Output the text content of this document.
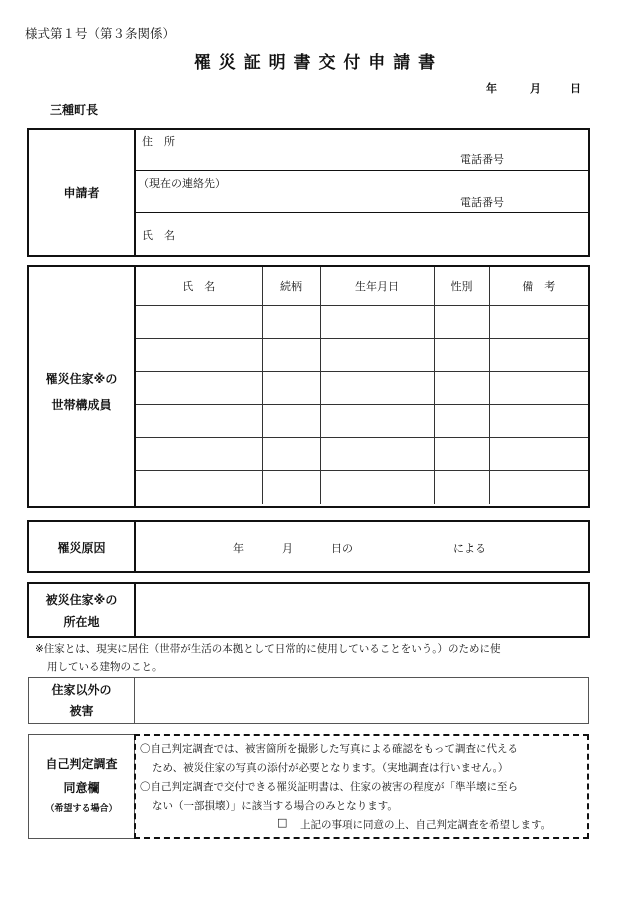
様式第１号（第３条関係）
罹 災 証 明 書 交 付 申 請 書
年	月	日
三種町長
申請者
住　所
電話番号
（現在の連絡先）
電話番号
氏　名
罹災住家※の
世帯構成員
氏　名	続柄	生年月日	性別	備　考

罹災原因	年	月	日の	による
被災住家※の
所在地
※住家とは、現実に居住（世帯が生活の本拠として日常的に使用していることをいう。）のために使
用している建物のこと。
住家以外の
被害
自己判定調査
同意欄
（希望する場合）
〇自己判定調査では、被害箇所を撮影した写真による確認をもって調査に代える
ため、被災住家の写真の添付が必要となります。（実地調査は行いません。）
〇自己判定調査で交付できる罹災証明書は、住家の被害の程度が「準半壊に至ら
ない（一部損壊）」に該当する場合のみとなります。
□ 上記の事項に同意の上、自己判定調査を希望します。
